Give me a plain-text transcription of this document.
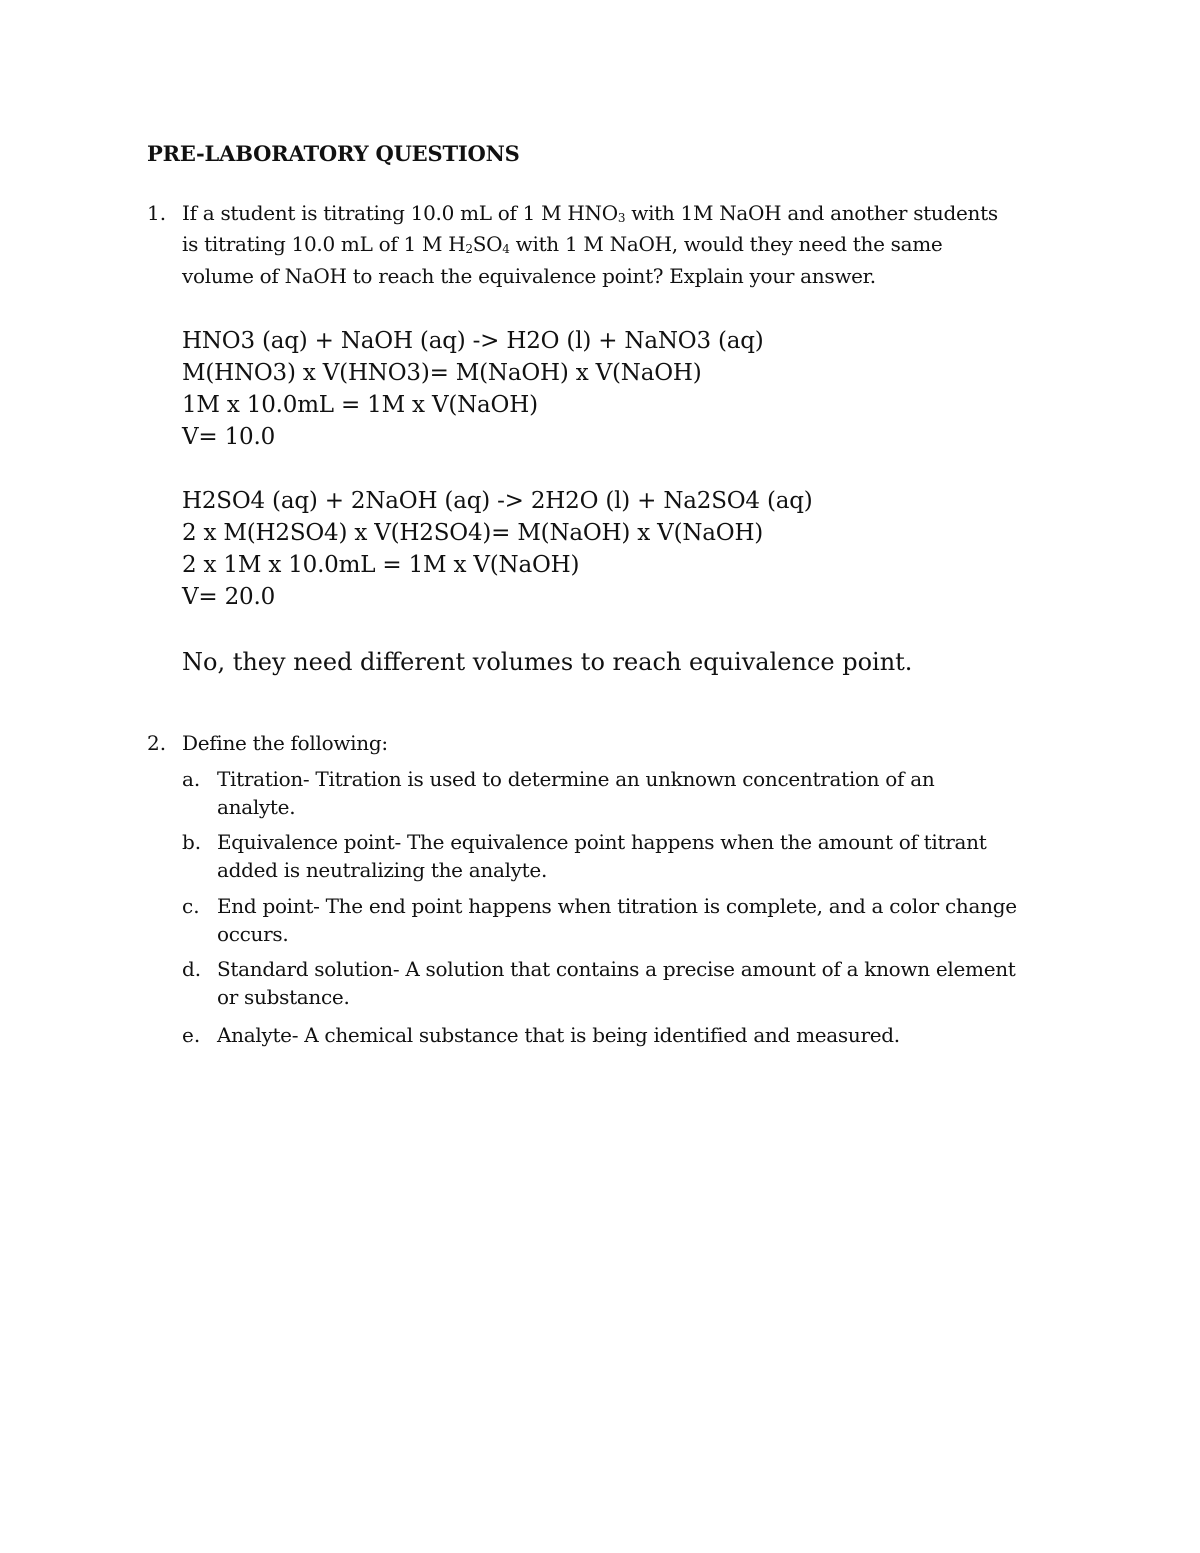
PRE-LABORATORY QUESTIONS
1. If a student is titrating 10.0 mL of 1 M $HNO_3$ with 1M NaOH and another students
is titrating 10.0 mL of 1 M $H_2SO_4$ with 1 M NaOH, would they need the same
volume of NaOH to reach the equivalence point? Explain your answer.
HNO3 (aq) + NaOH (aq) -> H2O (l) + NaNO3 (aq)
M(HNO3) x V(HNO3)= M(NaOH) x V(NaOH)
1M x 10.0mL = 1M x V(NaOH)
V= 10.0
H2SO4 (aq) + 2NaOH (aq) -> 2H2O (l) + Na2SO4 (aq)
2 x M(H2SO4) x V(H2SO4)= M(NaOH) x V(NaOH)
2 x 1M x 10.0mL = 1M x V(NaOH)
V= 20.0
No, they need different volumes to reach equivalence point.
2. Define the following:
a. Titration- Titration is used to determine an unknown concentration of an
analyte.
b. Equivalence point- The equivalence point happens when the amount of titrant
added is neutralizing the analyte.
c. End point- The end point happens when titration is complete, and a color change
occurs.
d. Standard solution- A solution that contains a precise amount of a known element
or substance.
e. Analyte- A chemical substance that is being identified and measured.
